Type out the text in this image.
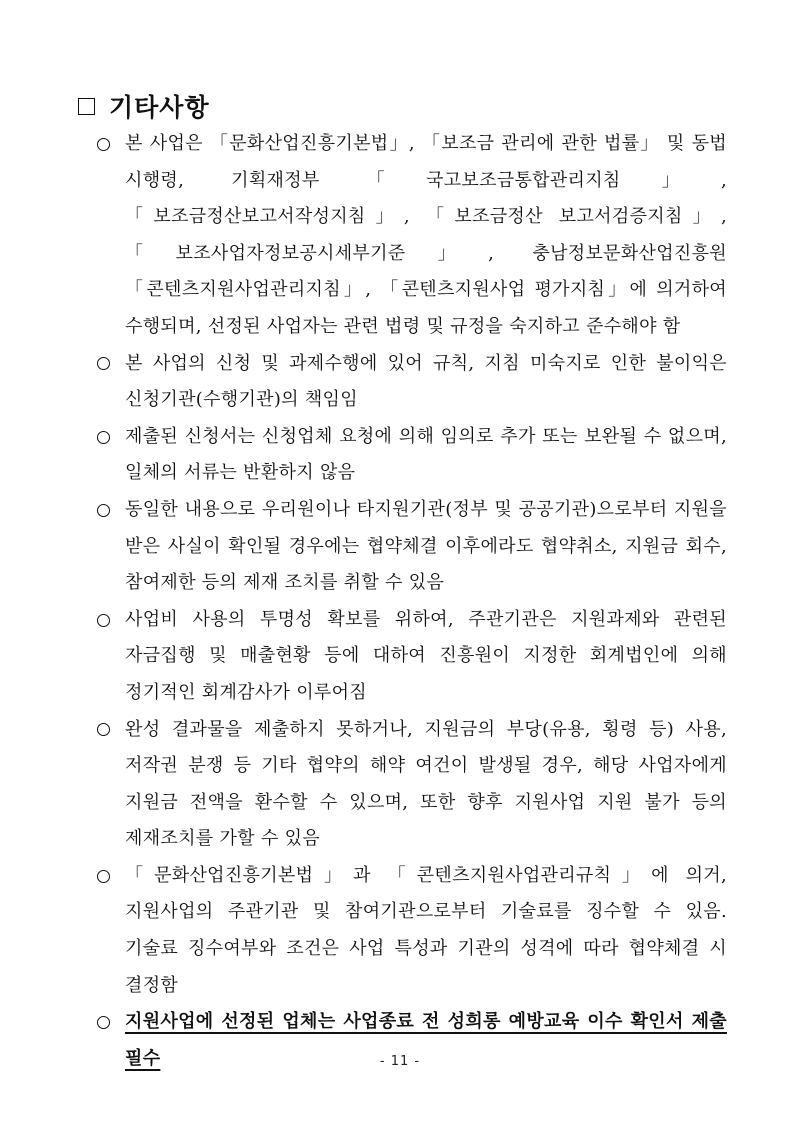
기타사항
본 사업은 「문화산업진흥기본법」, 「보조금 관리에 관한 법률」 및 동법 시행령, 기획재정부 「국고보조금통합관리지침」, 「보조금정산보고서작성지침」, 「보조금정산 보고서검증지침」, 「보조사업자정보공시세부기준」, 충남정보문화산업진흥원 「콘텐츠지원사업관리지침」, 「콘텐츠지원사업 평가지침」에 의거하여 수행되며, 선정된 사업자는 관련 법령 및 규정을 숙지하고 준수해야 함
본 사업의 신청 및 과제수행에 있어 규칙, 지침 미숙지로 인한 불이익은 신청기관(수행기관)의 책임임
제출된 신청서는 신청업체 요청에 의해 임의로 추가 또는 보완될 수 없으며, 일체의 서류는 반환하지 않음
동일한 내용으로 우리원이나 타지원기관(정부 및 공공기관)으로부터 지원을 받은 사실이 확인될 경우에는 협약체결 이후에라도 협약취소, 지원금 회수, 참여제한 등의 제재 조치를 취할 수 있음
사업비 사용의 투명성 확보를 위하여, 주관기관은 지원과제와 관련된 자금집행 및 매출현황 등에 대하여 진흥원이 지정한 회계법인에 의해 정기적인 회계감사가 이루어짐
완성 결과물을 제출하지 못하거나, 지원금의 부당(유용, 횡령 등) 사용, 저작권 분쟁 등 기타 협약의 해약 여건이 발생될 경우, 해당 사업자에게 지원금 전액을 환수할 수 있으며, 또한 향후 지원사업 지원 불가 등의 제재조치를 가할 수 있음
「문화산업진흥기본법」과 「콘텐츠지원사업관리규칙」에 의거, 지원사업의 주관기관 및 참여기관으로부터 기술료를 징수할 수 있음. 기술료 징수여부와 조건은 사업 특성과 기관의 성격에 따라 협약체결 시 결정함
지원사업에 선정된 업체는 사업종료 전 성희롱 예방교육 이수 확인서 제출 필수	- 11 -
